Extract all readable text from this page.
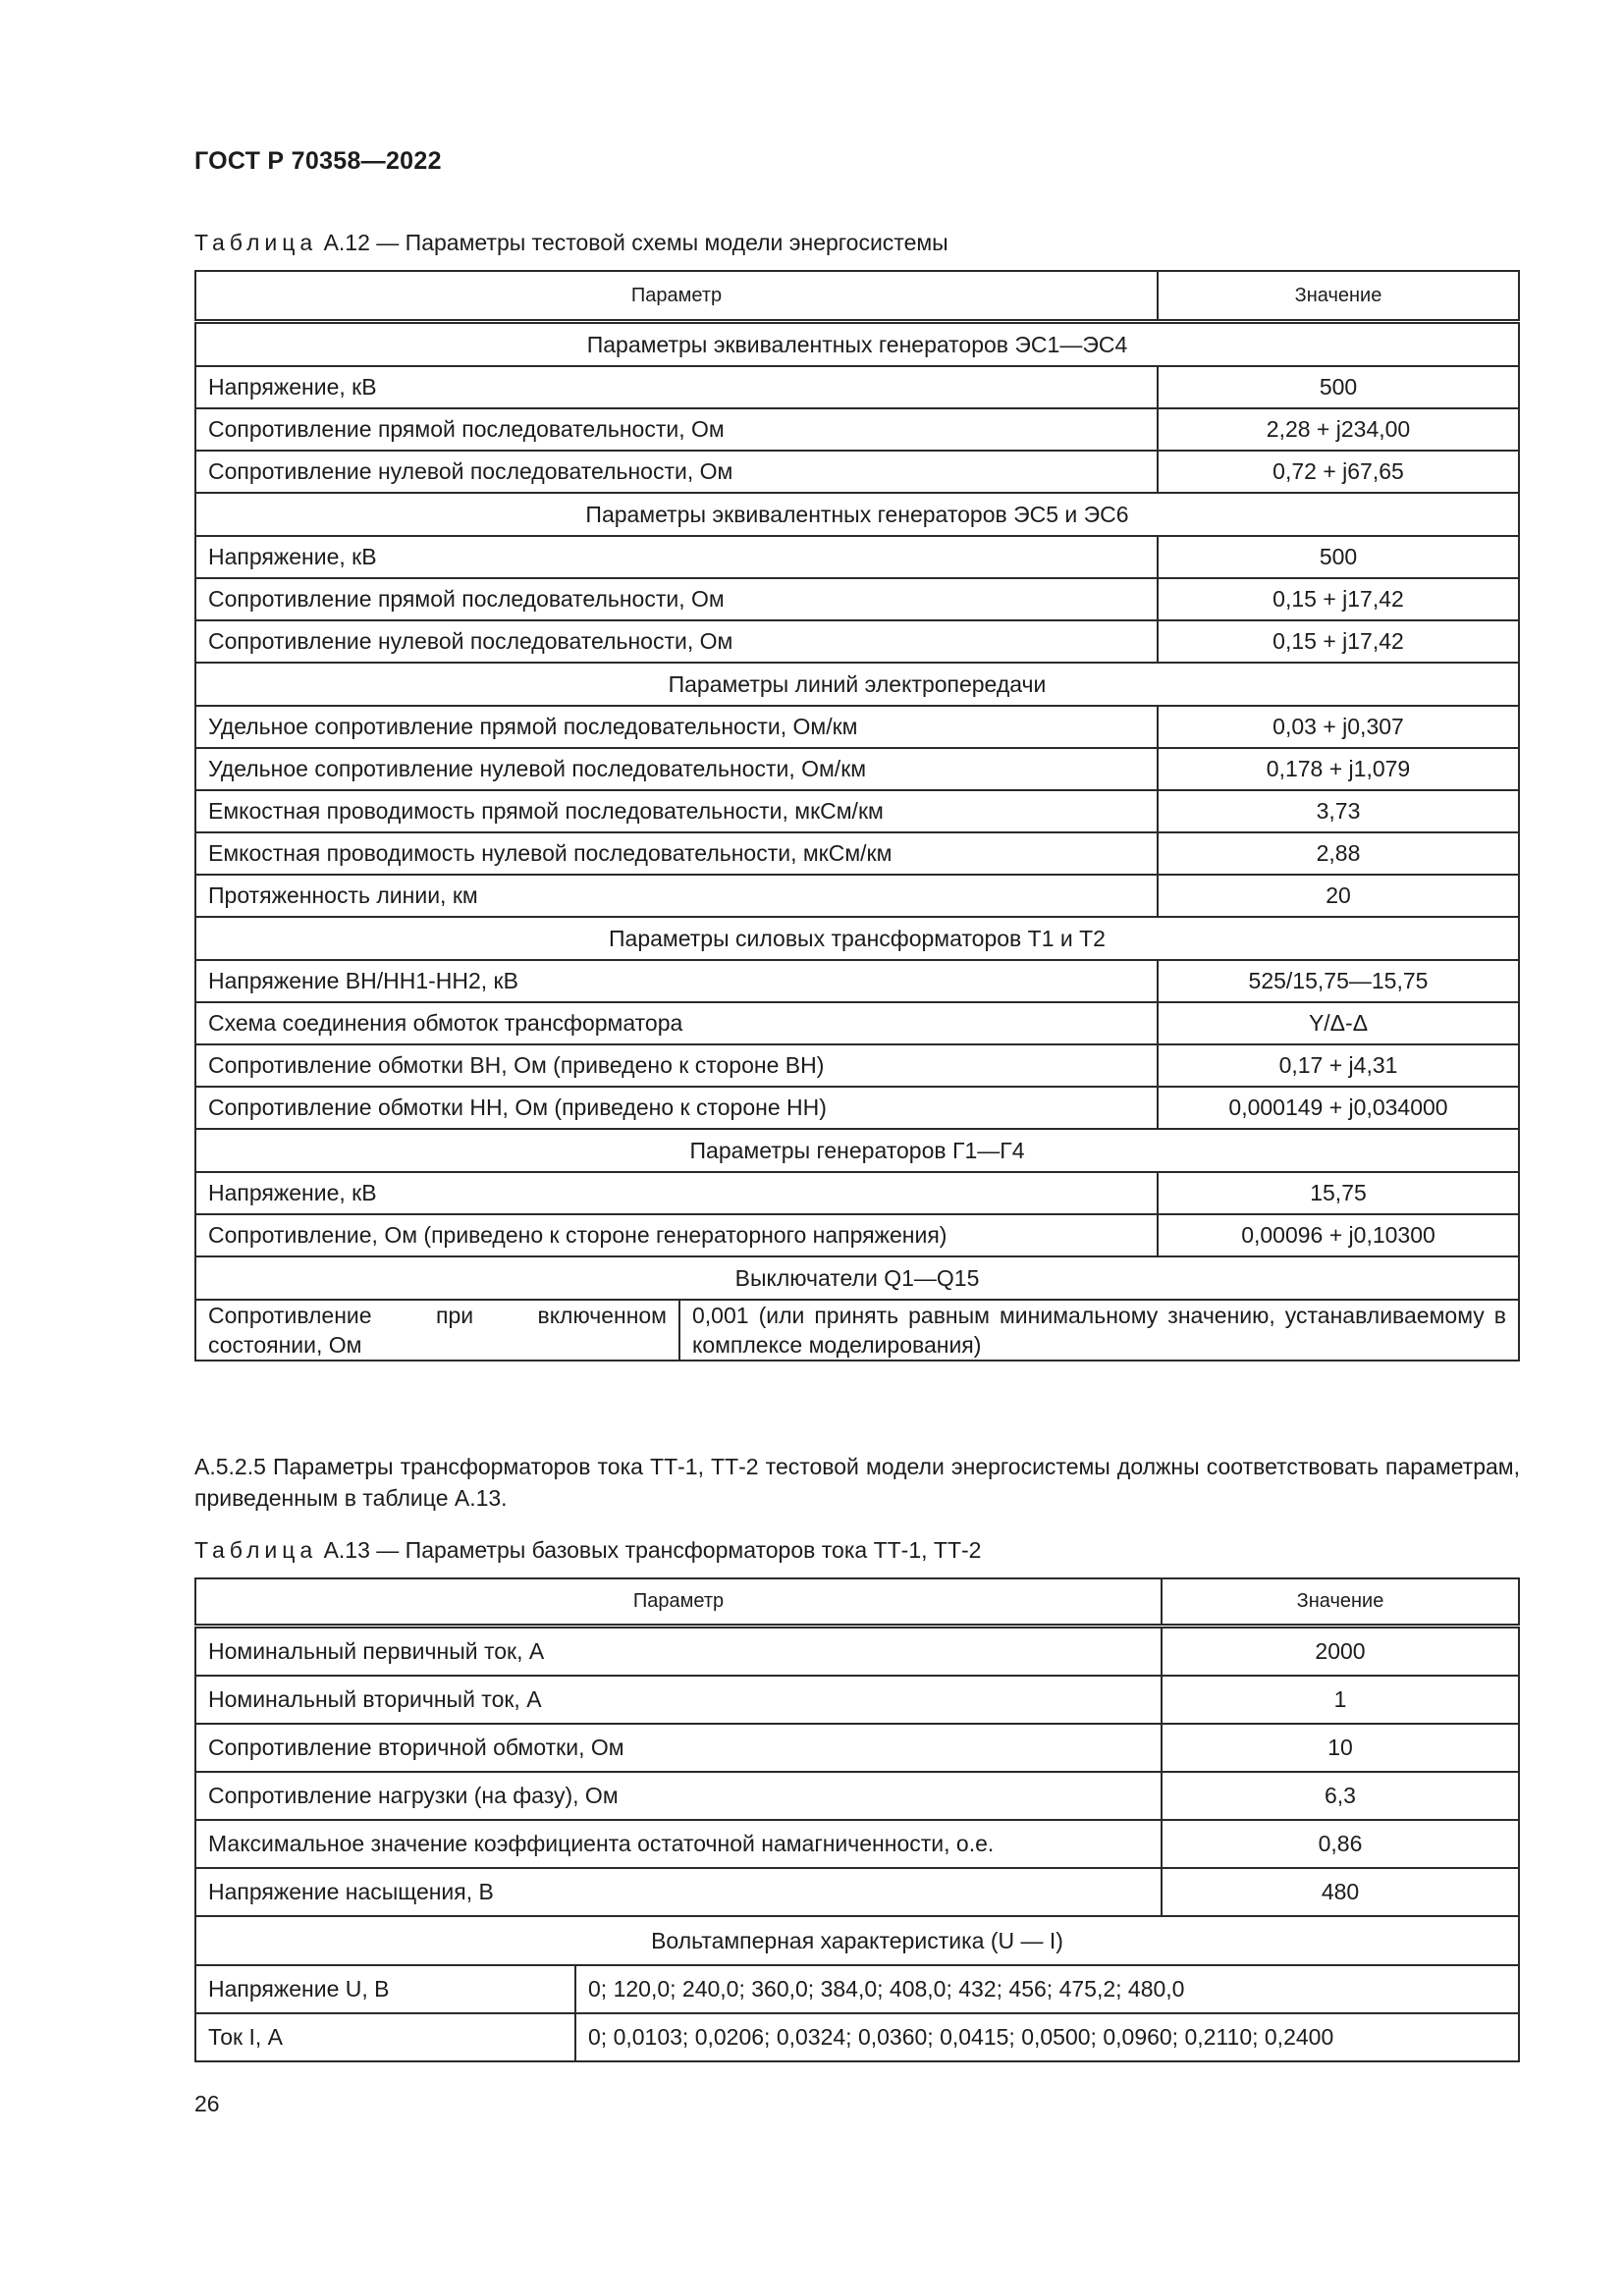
ГОСТ Р 70358—2022
Таблица А.12 — Параметры тестовой схемы модели энергосистемы
Параметр	Значение
Параметры эквивалентных генераторов ЭС1—ЭС4
Напряжение, кВ	500
Сопротивление прямой последовательности, Ом	2,28 + j234,00
Сопротивление нулевой последовательности, Ом	0,72 + j67,65
Параметры эквивалентных генераторов ЭС5 и ЭС6
Напряжение, кВ	500
Сопротивление прямой последовательности, Ом	0,15 + j17,42
Сопротивление нулевой последовательности, Ом	0,15 + j17,42
Параметры линий электропередачи
Удельное сопротивление прямой последовательности, Ом/км	0,03 + j0,307
Удельное сопротивление нулевой последовательности, Ом/км	0,178 + j1,079
Емкостная проводимость прямой последовательности, мкСм/км	3,73
Емкостная проводимость нулевой последовательности, мкСм/км	2,88
Протяженность линии, км	20
Параметры силовых трансформаторов Т1 и Т2
Напряжение ВН/НН1-НН2, кВ	525/15,75—15,75
Схема соединения обмоток трансформатора	Y/Δ-Δ
Сопротивление обмотки ВН, Ом (приведено к стороне ВН)	0,17 + j4,31
Сопротивление обмотки НН, Ом (приведено к стороне НН)	0,000149 + j0,034000
Параметры генераторов Г1—Г4
Напряжение, кВ	15,75
Сопротивление, Ом (приведено к стороне генераторного напряжения)	0,00096 + j0,10300
Выключатели Q1—Q15

Сопротивление при включенном состоянии, Ом	0,001 (или принять равным минимальному значению, устанавливаемому в комплексе моделирования)
А.5.2.5 Параметры трансформаторов тока ТТ-1, ТТ-2 тестовой модели энергосистемы должны соответствовать параметрам, приведенным в таблице А.13.
Таблица А.13 — Параметры базовых трансформаторов тока ТТ-1, ТТ-2
Параметр		Значение
Номинальный первичный ток, А		2000
Номинальный вторичный ток, А		1
Сопротивление вторичной обмотки, Ом		10
Сопротивление нагрузки (на фазу), Ом		6,3
Максимальное значение коэффициента остаточной намагниченности, о.е.		0,86
Напряжение насыщения, В		480
Вольтамперная характеристика (U — I)		
Напряжение U, В	0; 120,0; 240,0; 360,0; 384,0; 408,0; 432; 456; 475,2; 480,0	
Ток I, А	0; 0,0103; 0,0206; 0,0324; 0,0360; 0,0415; 0,0500; 0,0960; 0,2110; 0,2400	
26
